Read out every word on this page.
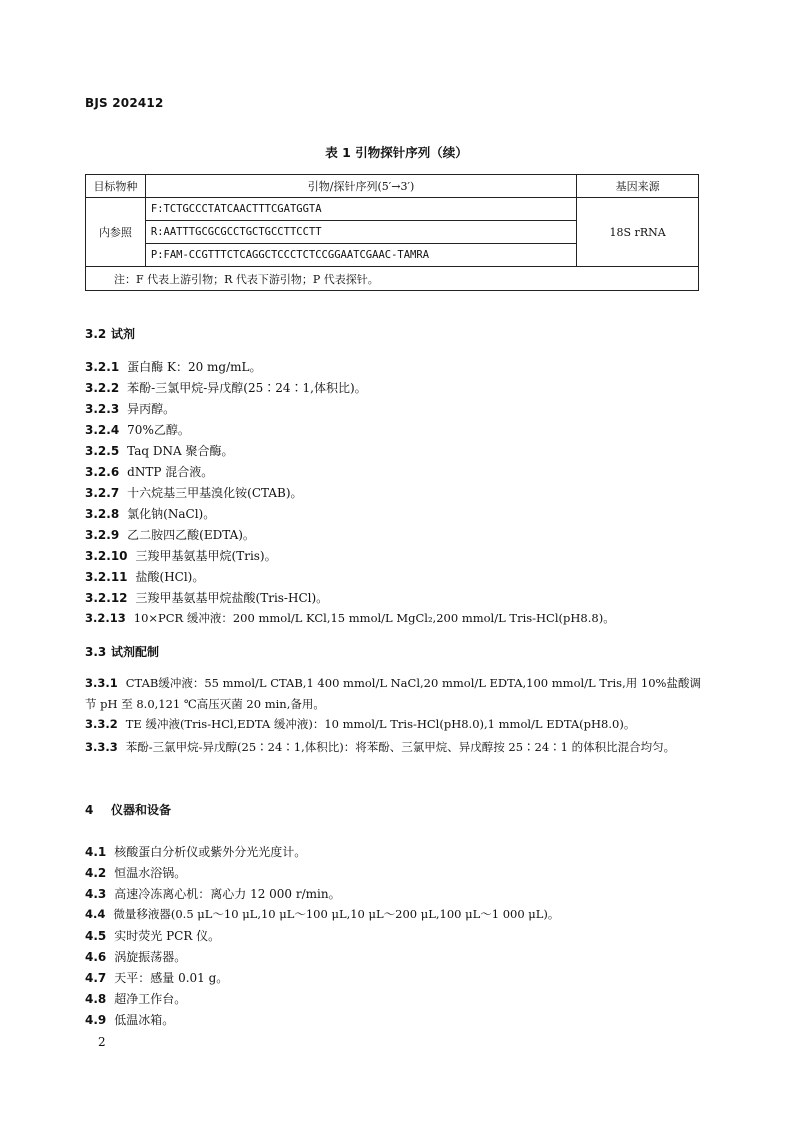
BJS 202412
表 1 引物探针序列（续）
目标物种	引物/探针序列(5′→3′)	基因来源
内参照	F:TCTGCCCTATCAACTTTCGATGGTA	18S rRNA
	R:AATTTGCGCGCCTGCTGCCTTCCTT	
	P:FAM-CCGTTTCTCAGGCTCCCTCTCCGGAATCGAAC-TAMRA	
注：F 代表上游引物；R 代表下游引物；P 代表探针。		
3.2 试剂
3.2.1 蛋白酶 K：20 mg/mL。
3.2.2 苯酚-三氯甲烷-异戊醇(25∶24∶1,体积比)。
3.2.3 异丙醇。
3.2.4 70%乙醇。
3.2.5 Taq DNA 聚合酶。
3.2.6 dNTP 混合液。
3.2.7 十六烷基三甲基溴化铵(CTAB)。
3.2.8 氯化钠(NaCl)。
3.2.9 乙二胺四乙酸(EDTA)。
3.2.10 三羧甲基氨基甲烷(Tris)。
3.2.11 盐酸(HCl)。
3.2.12 三羧甲基氨基甲烷盐酸(Tris-HCl)。
3.2.13 10×PCR 缓冲液：200 mmol/L KCl,15 mmol/L MgCl₂,200 mmol/L Tris-HCl(pH8.8)。
3.3 试剂配制
3.3.1 CTAB缓冲液：55 mmol/L CTAB,1 400 mmol/L NaCl,20 mmol/L EDTA,100 mmol/L Tris,用 10%盐酸调节 pH 至 8.0,121 ℃高压灭菌 20 min,备用。
3.3.2 TE 缓冲液(Tris-HCl,EDTA 缓冲液)：10 mmol/L Tris-HCl(pH8.0),1 mmol/L EDTA(pH8.0)。
3.3.3 苯酚-三氯甲烷-异戊醇(25∶24∶1,体积比)：将苯酚、三氯甲烷、异戊醇按 25∶24∶1 的体积比混合均匀。
4 仪器和设备
4.1 核酸蛋白分析仪或紫外分光光度计。
4.2 恒温水浴锅。
4.3 高速冷冻离心机：离心力 12 000 r/min。
4.4 微量移液器(0.5 μL～10 μL,10 μL～100 μL,10 μL～200 μL,100 μL～1 000 μL)。
4.5 实时荧光 PCR 仪。
4.6 涡旋振荡器。
4.7 天平：感量 0.01 g。
4.8 超净工作台。
4.9 低温冰箱。
2
